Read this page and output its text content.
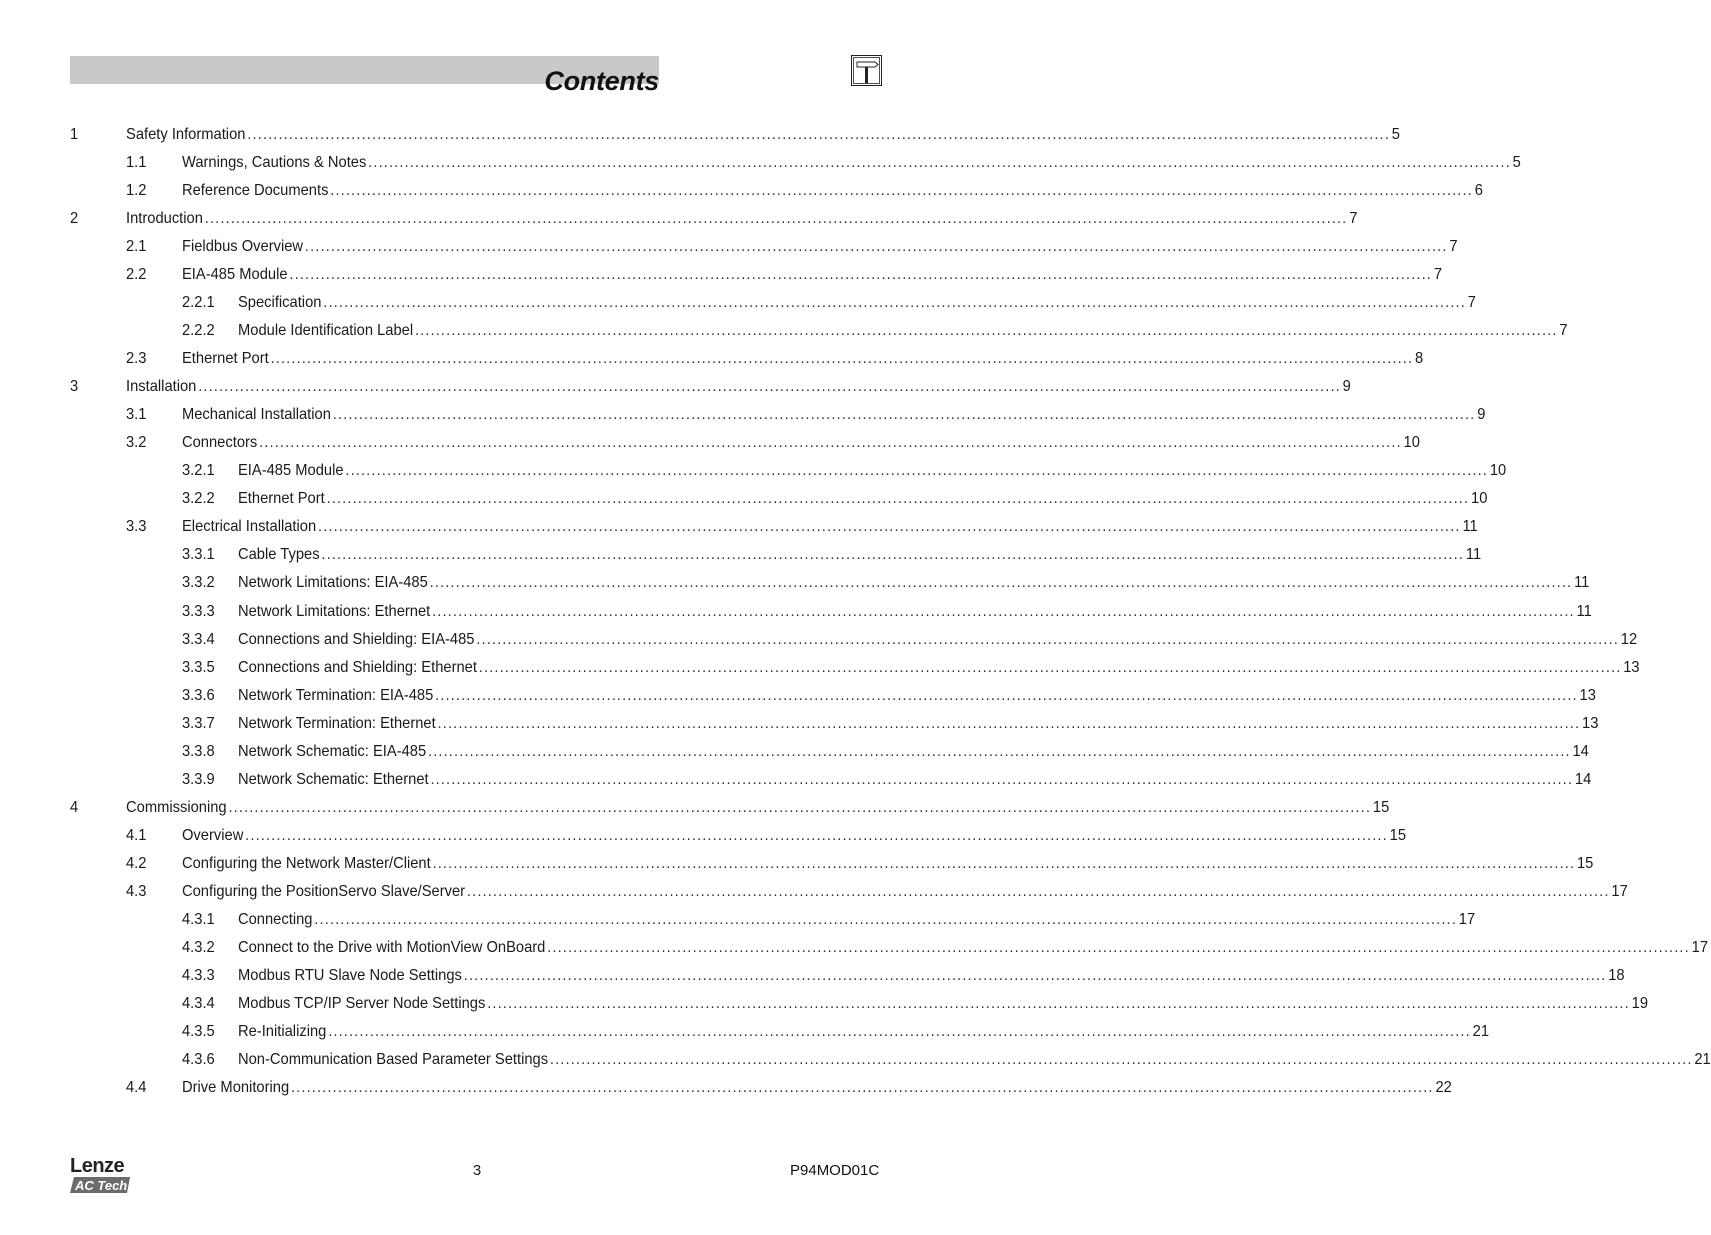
Contents
1	Safety Information ............................................................................................................................................................................................................................ 5
1.1 Warnings, Cautions & Notes ............................................................................................................................................................................................................................ 5
1.2 Reference Documents ............................................................................................................................................................................................................................ 6
2	Introduction ............................................................................................................................................................................................................................ 7
2.1 Fieldbus Overview ............................................................................................................................................................................................................................ 7
2.2 EIA-485 Module ............................................................................................................................................................................................................................ 7
2.2.1 Specification ............................................................................................................................................................................................................................ 7
2.2.2 Module Identification Label ............................................................................................................................................................................................................................ 7
2.3 Ethernet Port ............................................................................................................................................................................................................................ 8
3	Installation ............................................................................................................................................................................................................................ 9
3.1 Mechanical Installation ............................................................................................................................................................................................................................ 9
3.2 Connectors ............................................................................................................................................................................................................................ 10
3.2.1 EIA-485 Module ............................................................................................................................................................................................................................ 10
3.2.2 Ethernet Port ............................................................................................................................................................................................................................ 10
3.3 Electrical Installation ............................................................................................................................................................................................................................ 11
3.3.1 Cable Types ............................................................................................................................................................................................................................ 11
3.3.2 Network Limitations: EIA-485 ............................................................................................................................................................................................................................ 11
3.3.3 Network Limitations: Ethernet ............................................................................................................................................................................................................................ 11
3.3.4 Connections and Shielding: EIA-485 ............................................................................................................................................................................................................................ 12
3.3.5 Connections and Shielding: Ethernet ............................................................................................................................................................................................................................ 13
3.3.6 Network Termination: EIA-485 ............................................................................................................................................................................................................................ 13
3.3.7 Network Termination: Ethernet ............................................................................................................................................................................................................................ 13
3.3.8 Network Schematic: EIA-485 ............................................................................................................................................................................................................................ 14
3.3.9 Network Schematic: Ethernet ............................................................................................................................................................................................................................ 14
4	Commissioning ............................................................................................................................................................................................................................ 15
4.1 Overview ............................................................................................................................................................................................................................ 15
4.2 Configuring the Network Master/Client ............................................................................................................................................................................................................................ 15
4.3 Configuring the PositionServo Slave/Server ............................................................................................................................................................................................................................ 17
4.3.1 Connecting ............................................................................................................................................................................................................................ 17
4.3.2 Connect to the Drive with MotionView OnBoard ............................................................................................................................................................................................................................ 17
4.3.3 Modbus RTU Slave Node Settings ............................................................................................................................................................................................................................ 18
4.3.4 Modbus TCP/IP Server Node Settings ............................................................................................................................................................................................................................ 19
4.3.5 Re-Initializing ............................................................................................................................................................................................................................ 21
4.3.6 Non-Communication Based Parameter Settings ............................................................................................................................................................................................................................ 21
4.4 Drive Monitoring ............................................................................................................................................................................................................................ 22
3	P94MOD01C
Lenze
AC Tech
